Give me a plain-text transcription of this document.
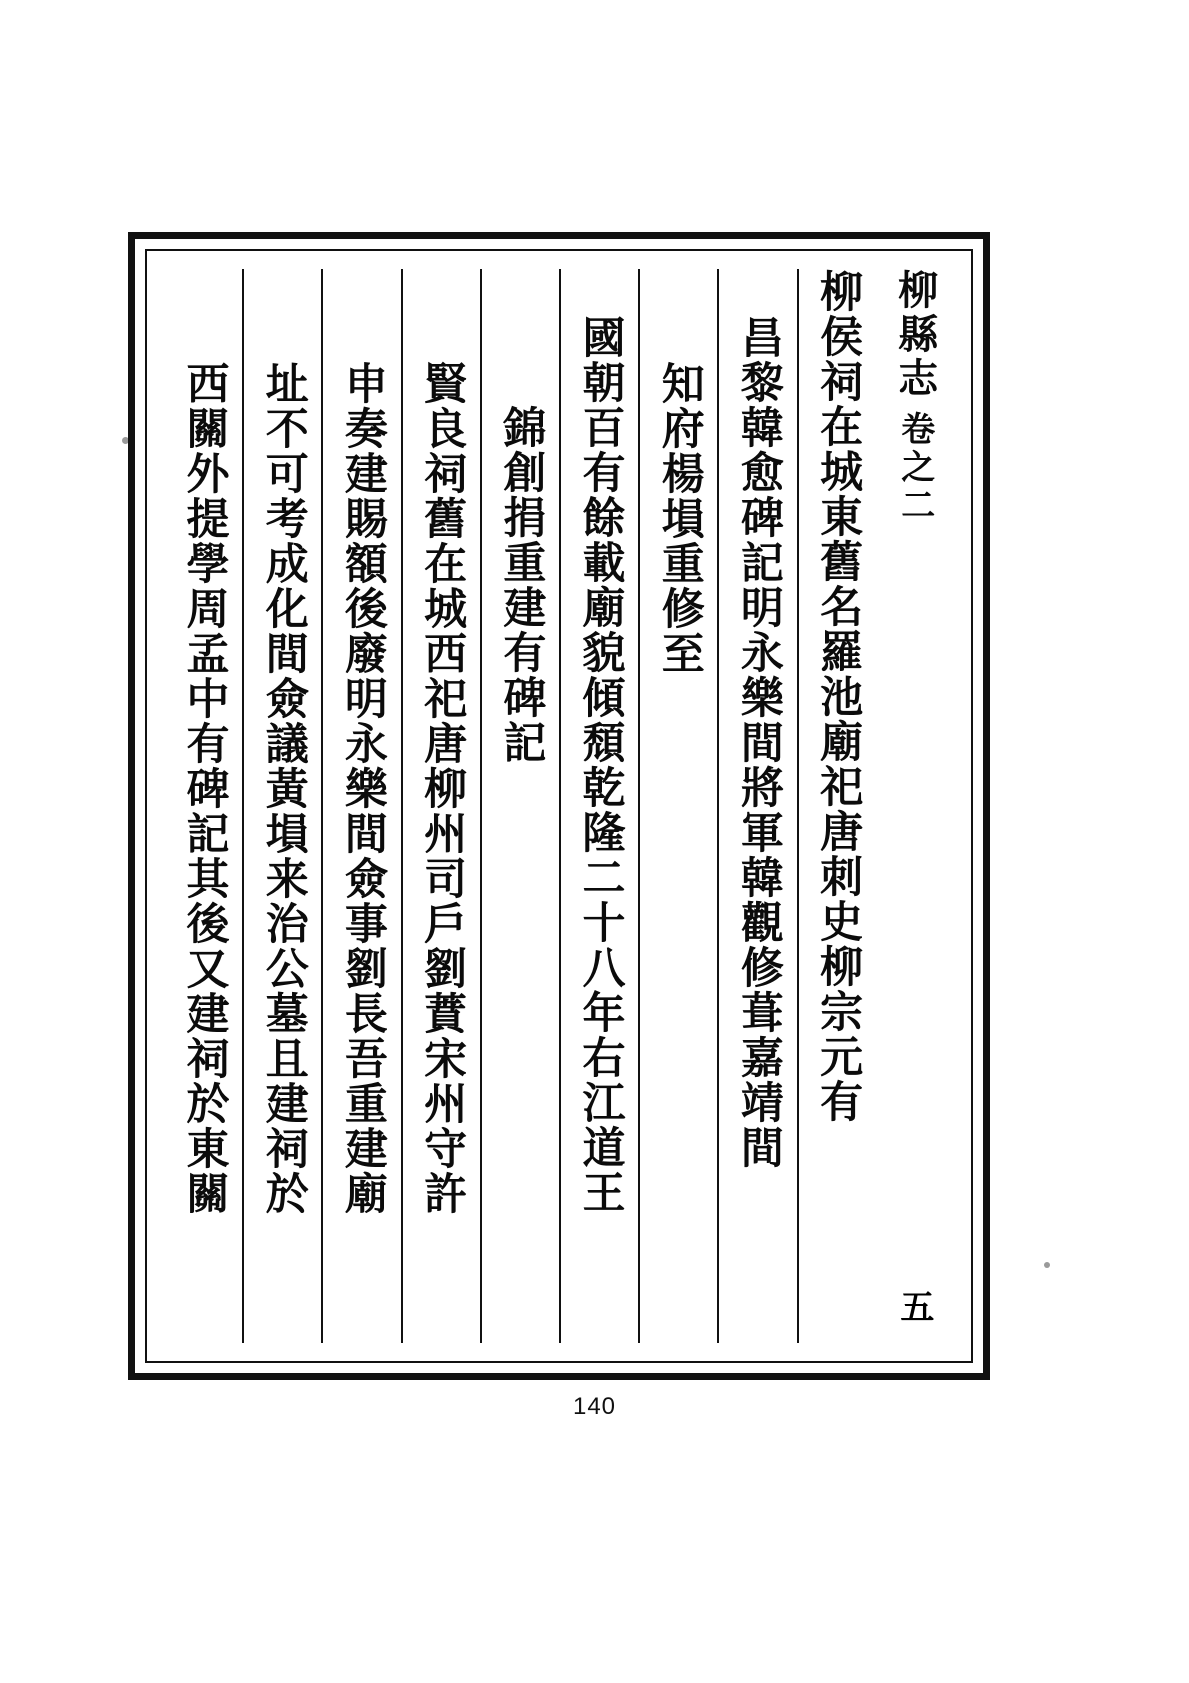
柳縣志
卷之二
五
柳侯祠在城東舊名羅池廟祀唐刺史柳宗元有
昌黎韓愈碑記明永樂間將軍韓觀修葺嘉靖間
知府楊塤重修至
國朝百有餘載廟貌傾頹乾隆二十八年右江道王
錦創捐重建有碑記
賢良祠舊在城西祀唐柳州司戶劉蕡宋州守許
申奏建賜額後廢明永樂間僉事劉長吾重建廟
址不可考成化間僉議黃塤来治公墓且建祠於
西關外提學周孟中有碑記其後又建祠於東關
140
